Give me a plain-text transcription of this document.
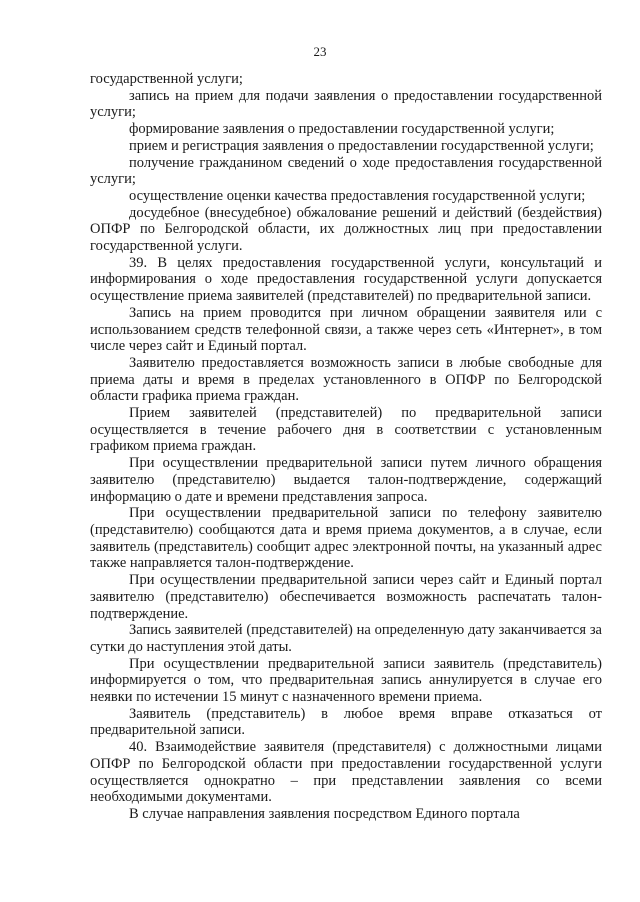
23

государственной услуги;

запись на прием для подачи заявления о предоставлении государственной услуги;

формирование заявления о предоставлении государственной услуги;

прием и регистрация заявления о предоставлении государственной услуги;

получение гражданином сведений о ходе предоставления государственной услуги;

осуществление оценки качества предоставления государственной услуги;

досудебное (внесудебное) обжалование решений и действий (бездействия) ОПФР по Белгородской области, их должностных лиц при предоставлении государственной услуги.

39. В целях предоставления государственной услуги, консультаций и информирования о ходе предоставления государственной услуги допускается осуществление приема заявителей (представителей) по предварительной записи.

Запись на прием проводится при личном обращении заявителя или с использованием средств телефонной связи, а также через сеть «Интернет», в том числе через сайт и Единый портал.

Заявителю предоставляется возможность записи в любые свободные для приема даты и время в пределах установленного в ОПФР по Белгородской области графика приема граждан.

Прием заявителей (представителей) по предварительной записи осуществляется в течение рабочего дня в соответствии с установленным графиком приема граждан.

При осуществлении предварительной записи путем личного обращения заявителю (представителю) выдается талон-подтверждение, содержащий информацию о дате и времени представления запроса.

При осуществлении предварительной записи по телефону заявителю (представителю) сообщаются дата и время приема документов, а в случае, если заявитель (представитель) сообщит адрес электронной почты, на указанный адрес также направляется талон-подтверждение.

При осуществлении предварительной записи через сайт и Единый портал заявителю (представителю) обеспечивается возможность распечатать талон-подтверждение.

Запись заявителей (представителей) на определенную дату заканчивается за сутки до наступления этой даты.

При осуществлении предварительной записи заявитель (представитель) информируется о том, что предварительная запись аннулируется в случае его неявки по истечении 15 минут с назначенного времени приема.

Заявитель (представитель) в любое время вправе отказаться от предварительной записи.

40. Взаимодействие заявителя (представителя) с должностными лицами ОПФР по Белгородской области при предоставлении государственной услуги осуществляется однократно – при представлении заявления со всеми необходимыми документами.

В случае направления заявления посредством Единого портала
